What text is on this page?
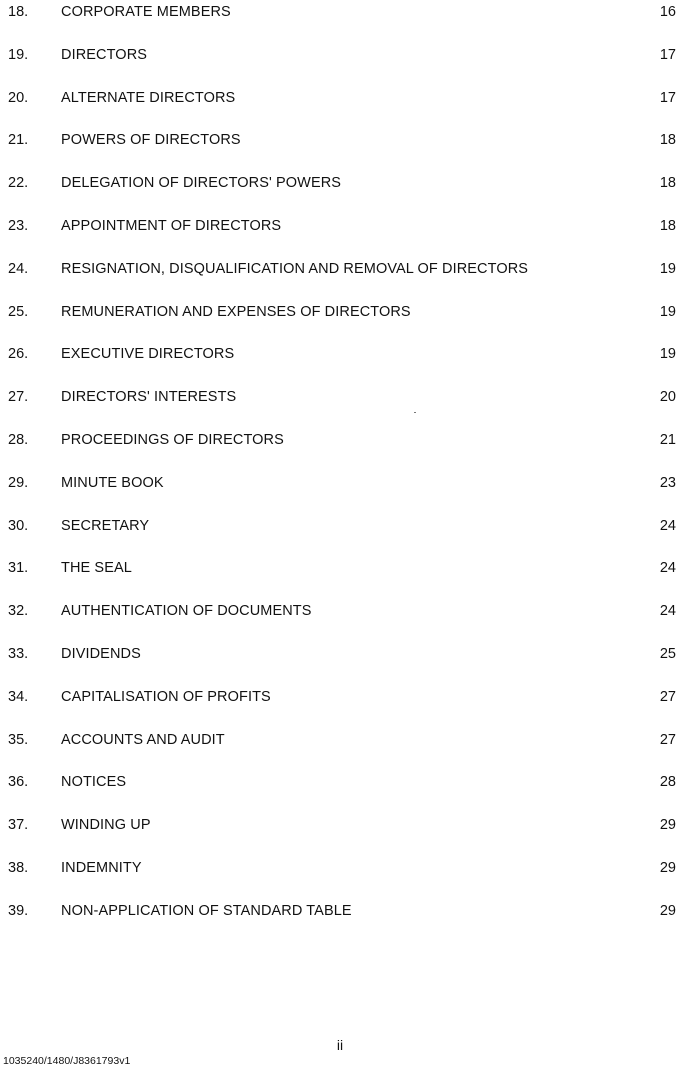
18. CORPORATE MEMBERS	16
19. DIRECTORS	17
20. ALTERNATE DIRECTORS	17
21. POWERS OF DIRECTORS	18
22. DELEGATION OF DIRECTORS' POWERS	18
23. APPOINTMENT OF DIRECTORS	18
24. RESIGNATION, DISQUALIFICATION AND REMOVAL OF DIRECTORS	19
25. REMUNERATION AND EXPENSES OF DIRECTORS	19
26. EXECUTIVE DIRECTORS	19
27. DIRECTORS' INTERESTS	20
28. PROCEEDINGS OF DIRECTORS	21
29. MINUTE BOOK	23
30. SECRETARY	24
31. THE SEAL	24
32. AUTHENTICATION OF DOCUMENTS	24
33. DIVIDENDS	25
34. CAPITALISATION OF PROFITS	27
35. ACCOUNTS AND AUDIT	27
36. NOTICES	28
37. WINDING UP	29
38. INDEMNITY	29
39. NON-APPLICATION OF STANDARD TABLE	29
ii
1035240/1480/J8361793v1
